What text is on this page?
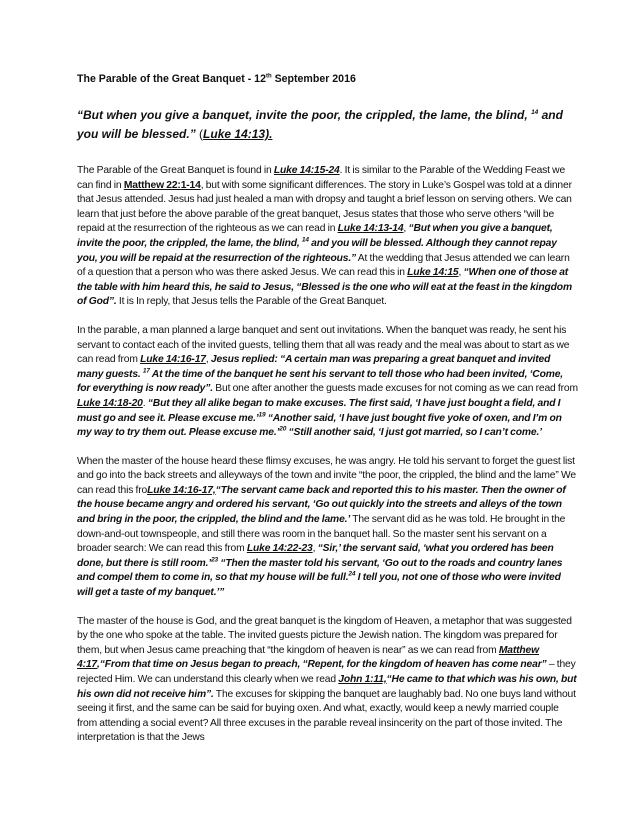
The Parable of the Great Banquet - 12th September 2016

“But when you give a banquet, invite the poor, the crippled, the lame, the blind, $^{14}$ and you will be blessed.” (Luke 14:13).

The Parable of the Great Banquet is found in Luke 14:15-24. It is similar to the Parable of the Wedding Feast we can find in Matthew 22:1-14, but with some significant differences. The story in Luke’s Gospel was told at a dinner that Jesus attended. Jesus had just healed a man with dropsy and taught a brief lesson on serving others. We can learn that just before the above parable of the great banquet, Jesus states that those who serve others “will be repaid at the resurrection of the righteous as we can read in Luke 14:13-14, “But when you give a banquet, invite the poor, the crippled, the lame, the blind, $^{14}$ and you will be blessed. Although they cannot repay you, you will be repaid at the resurrection of the righteous.” At the wedding that Jesus attended we can learn of a question that a person who was there asked Jesus. We can read this in Luke 14:15, “When one of those at the table with him heard this, he said to Jesus, “Blessed is the one who will eat at the feast in the kingdom of God”. It is In reply, that Jesus tells the Parable of the Great Banquet.

In the parable, a man planned a large banquet and sent out invitations. When the banquet was ready, he sent his servant to contact each of the invited guests, telling them that all was ready and the meal was about to start as we can read from Luke 14:16-17, Jesus replied: “A certain man was preparing a great banquet and invited many guests. $^{17}$ At the time of the banquet he sent his servant to tell those who had been invited, ‘Come, for everything is now ready”. But one after another the guests made excuses for not coming as we can read from Luke 14:18-20. “But they all alike began to make excuses. The first said, ‘I have just bought a field, and I must go and see it. Please excuse me.’$^{19}$ “Another said, ‘I have just bought five yoke of oxen, and I’m on my way to try them out. Please excuse me.’$^{20}$ “Still another said, ‘I just got married, so I can’t come.’

When the master of the house heard these flimsy excuses, he was angry. He told his servant to forget the guest list and go into the back streets and alleyways of the town and invite “the poor, the crippled, the blind and the lame” We can read this froLuke 14:16-17,“The servant came back and reported this to his master. Then the owner of the house became angry and ordered his servant, ‘Go out quickly into the streets and alleys of the town and bring in the poor, the crippled, the blind and the lame.’ The servant did as he was told. He brought in the down-and-out townspeople, and still there was room in the banquet hall. So the master sent his servant on a broader search: We can read this from Luke 14:22-23, “Sir,’ the servant said, ‘what you ordered has been done, but there is still room.’$^{23}$ “Then the master told his servant, ‘Go out to the roads and country lanes and compel them to come in, so that my house will be full.$^{24}$ I tell you, not one of those who were invited will get a taste of my banquet.’”

The master of the house is God, and the great banquet is the kingdom of Heaven, a metaphor that was suggested by the one who spoke at the table. The invited guests picture the Jewish nation. The kingdom was prepared for them, but when Jesus came preaching that “the kingdom of heaven is near” as we can read from Matthew 4:17,“From that time on Jesus began to preach, “Repent, for the kingdom of heaven has come near” – they rejected Him. We can understand this clearly when we read John 1:11,“He came to that which was his own, but his own did not receive him”. The excuses for skipping the banquet are laughably bad. No one buys land without seeing it first, and the same can be said for buying oxen. And what, exactly, would keep a newly married couple from attending a social event? All three excuses in the parable reveal insincerity on the part of those invited. The interpretation is that the Jews
